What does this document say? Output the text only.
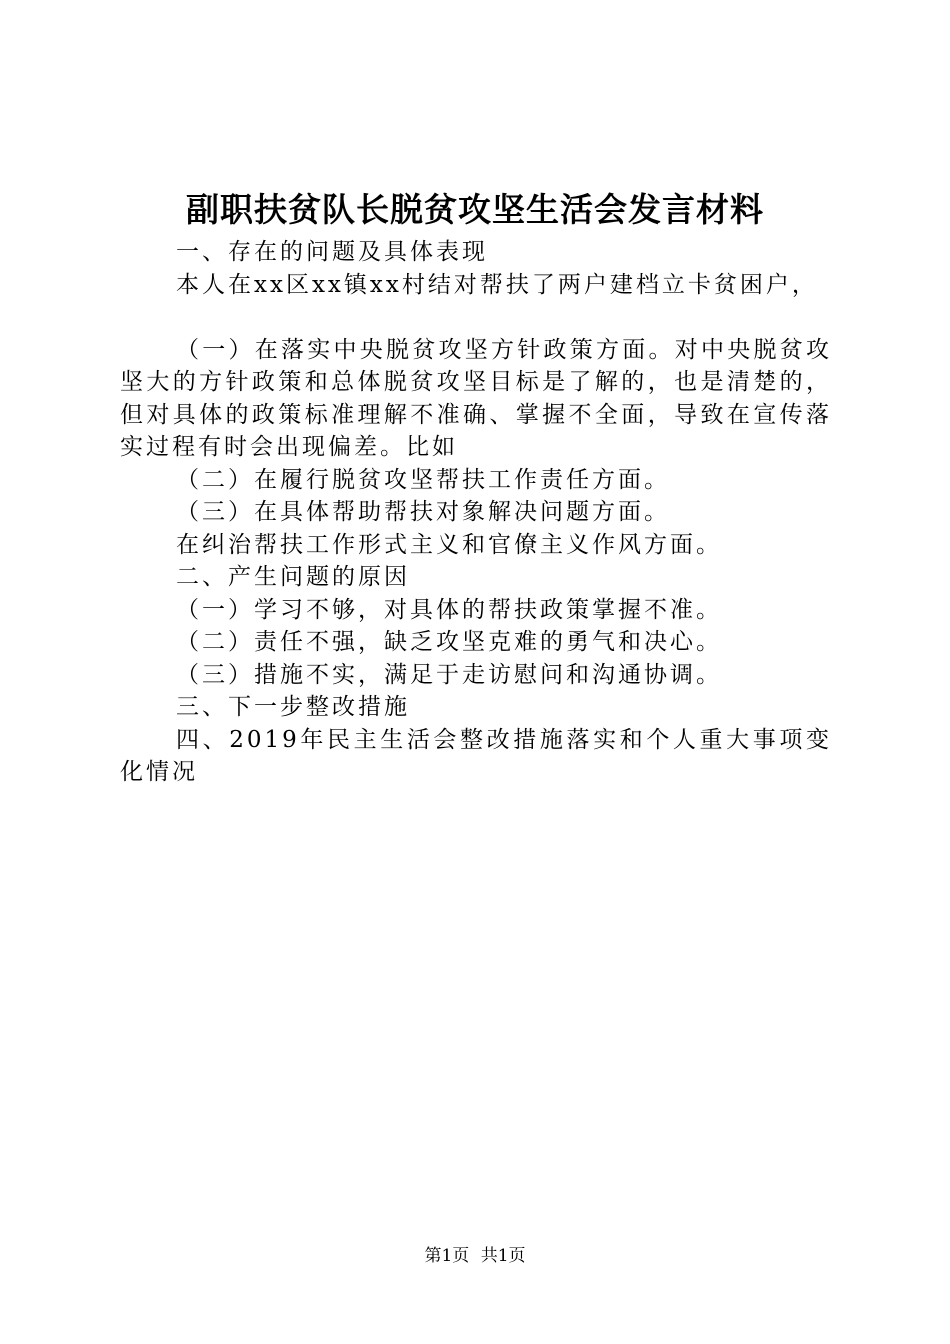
副职扶贫队长脱贫攻坚生活会发言材料

一、存在的问题及具体表现

本人在xx区xx镇xx村结对帮扶了两户建档立卡贫困户，

（一）在落实中央脱贫攻坚方针政策方面。对中央脱贫攻坚大的方针政策和总体脱贫攻坚目标是了解的，也是清楚的，但对具体的政策标准理解不准确、掌握不全面，导致在宣传落实过程有时会出现偏差。比如

（二）在履行脱贫攻坚帮扶工作责任方面。

（三）在具体帮助帮扶对象解决问题方面。

在纠治帮扶工作形式主义和官僚主义作风方面。

二、产生问题的原因

（一）学习不够，对具体的帮扶政策掌握不准。

（二）责任不强，缺乏攻坚克难的勇气和决心。

（三）措施不实，满足于走访慰问和沟通协调。

三、下一步整改措施

四、2019年民主生活会整改措施落实和个人重大事项变化情况

第1页 共1页
